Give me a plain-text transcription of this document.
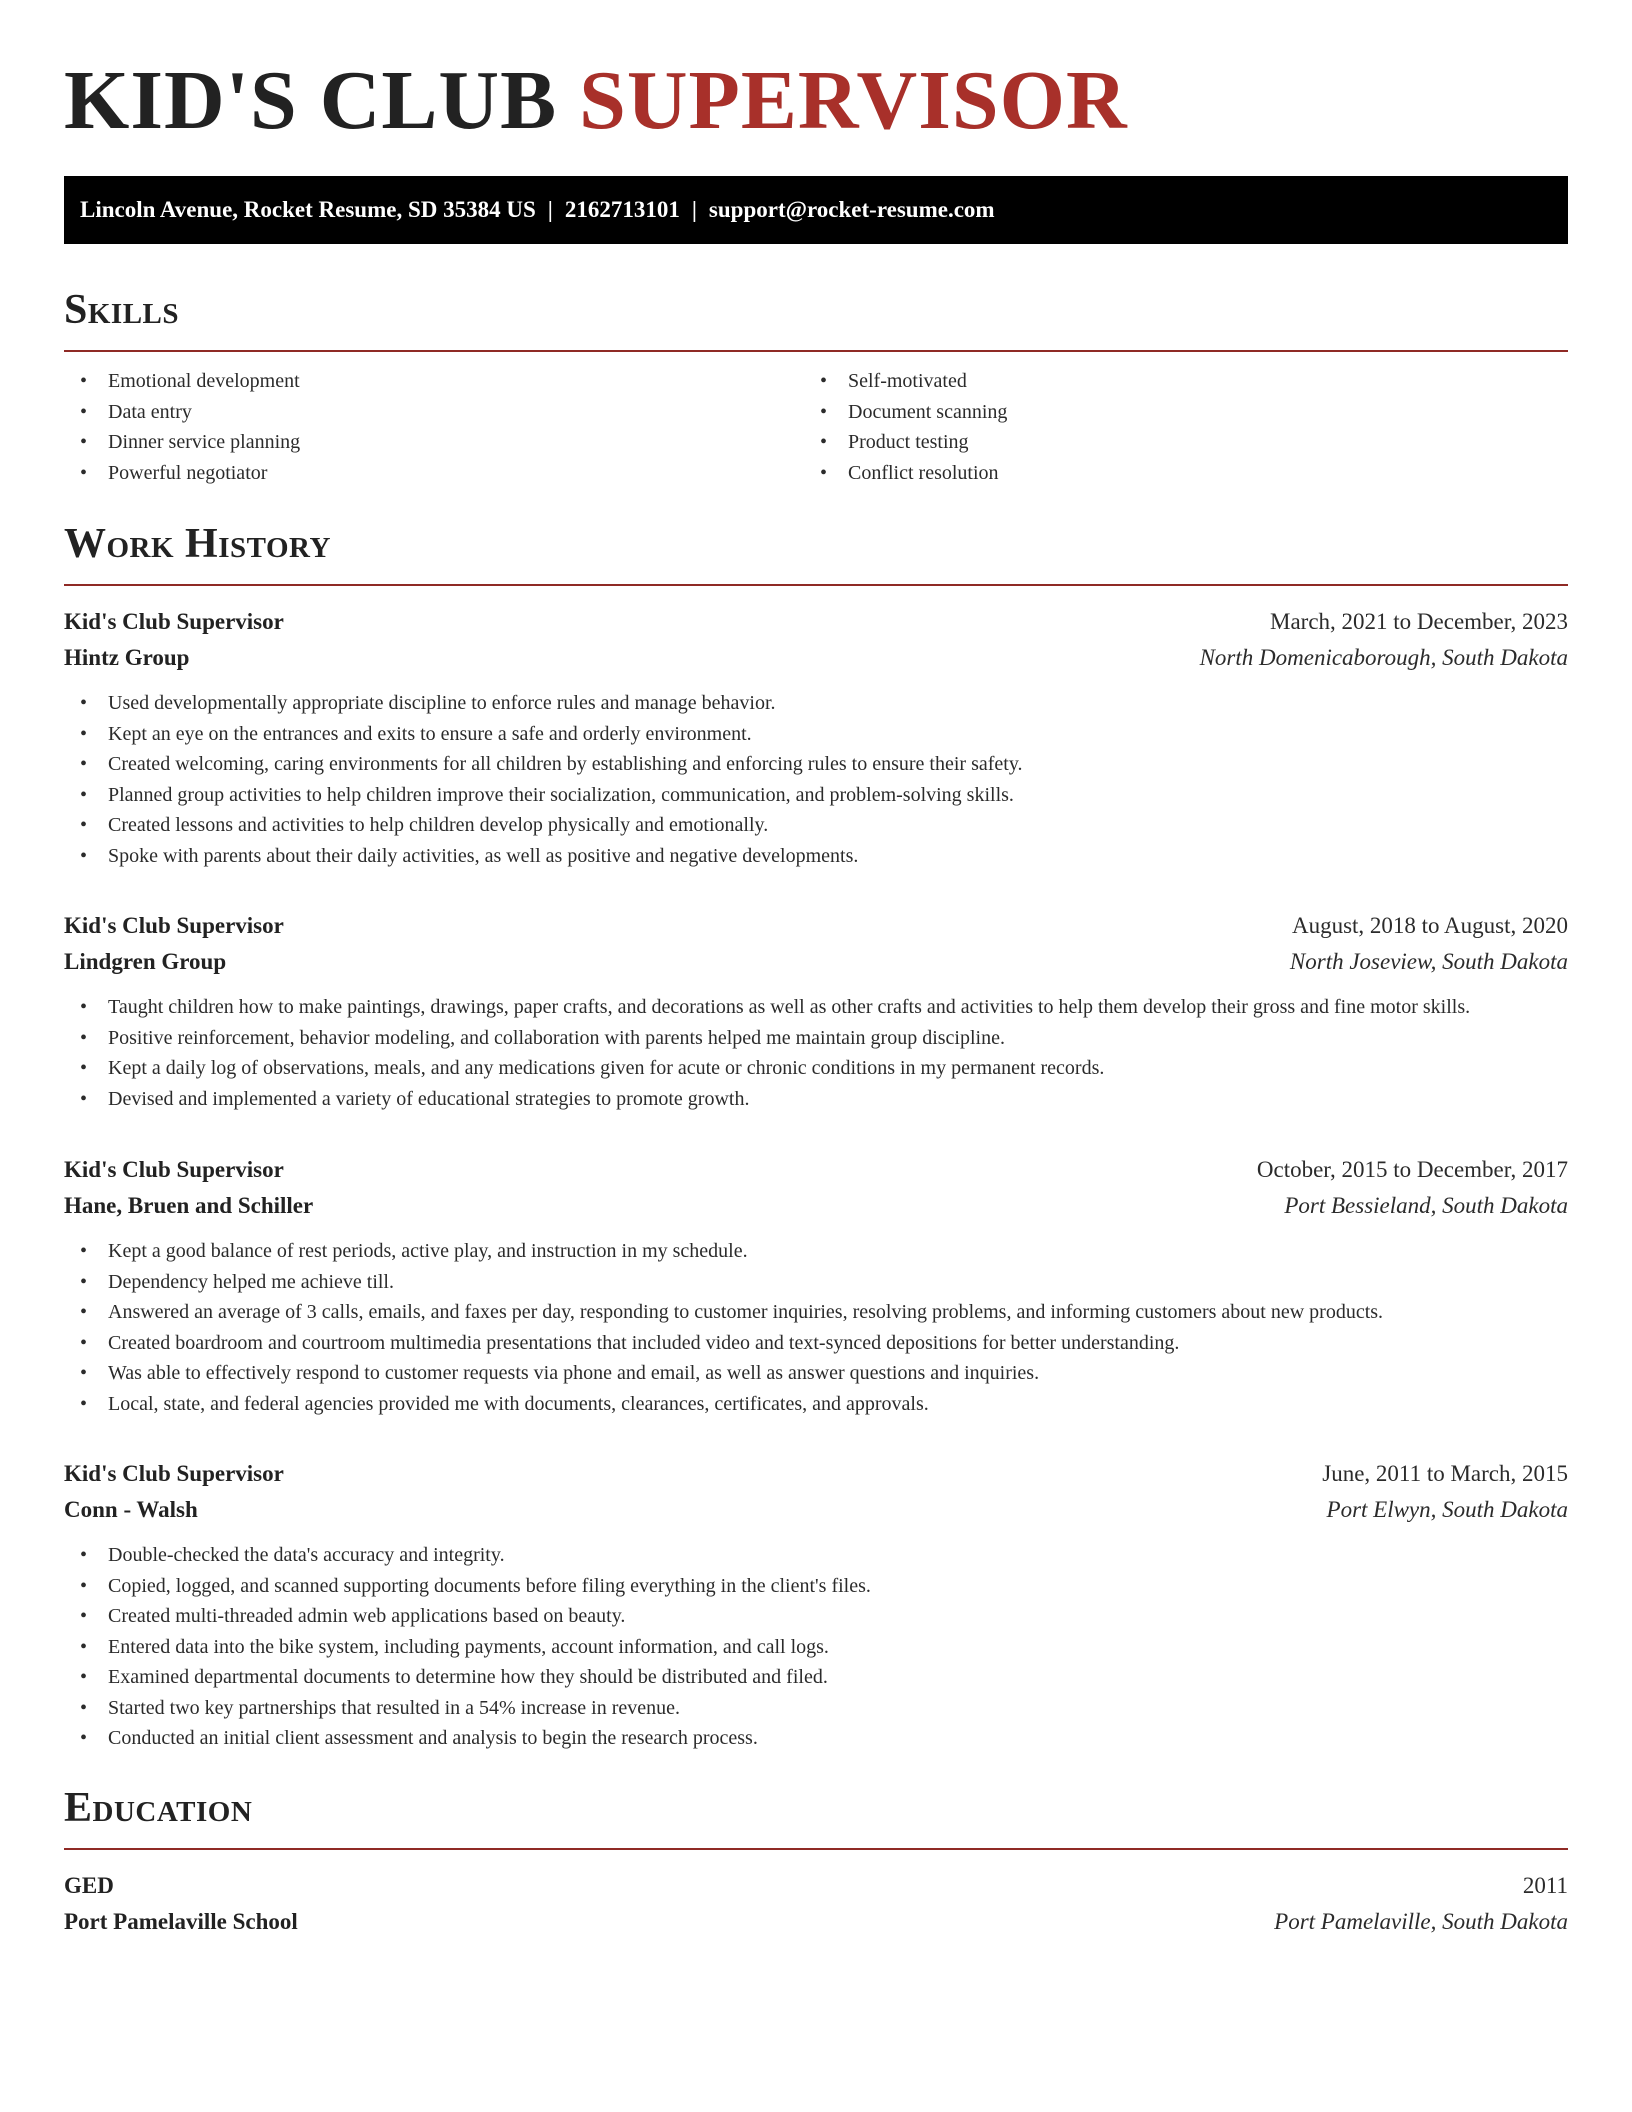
KID'S CLUB SUPERVISOR
Lincoln Avenue, Rocket Resume, SD 35384 US | 2162713101 | support@rocket-resume.com
Skills
• Emotional development
• Data entry
• Dinner service planning
• Powerful negotiator
• Self-motivated
• Document scanning
• Product testing
• Conflict resolution
Work History
Kid's Club Supervisor	March, 2021 to December, 2023
Hintz Group	North Domenicaborough, South Dakota
• Used developmentally appropriate discipline to enforce rules and manage behavior.
• Kept an eye on the entrances and exits to ensure a safe and orderly environment.
• Created welcoming, caring environments for all children by establishing and enforcing rules to ensure their safety.
• Planned group activities to help children improve their socialization, communication, and problem-solving skills.
• Created lessons and activities to help children develop physically and emotionally.
• Spoke with parents about their daily activities, as well as positive and negative developments.
Kid's Club Supervisor	August, 2018 to August, 2020
Lindgren Group	North Joseview, South Dakota
• Taught children how to make paintings, drawings, paper crafts, and decorations as well as other crafts and activities to help them develop their gross and fine motor skills.
• Positive reinforcement, behavior modeling, and collaboration with parents helped me maintain group discipline.
• Kept a daily log of observations, meals, and any medications given for acute or chronic conditions in my permanent records.
• Devised and implemented a variety of educational strategies to promote growth.
Kid's Club Supervisor	October, 2015 to December, 2017
Hane, Bruen and Schiller	Port Bessieland, South Dakota
• Kept a good balance of rest periods, active play, and instruction in my schedule.
• Dependency helped me achieve till.
• Answered an average of 3 calls, emails, and faxes per day, responding to customer inquiries, resolving problems, and informing customers about new products.
• Created boardroom and courtroom multimedia presentations that included video and text-synced depositions for better understanding.
• Was able to effectively respond to customer requests via phone and email, as well as answer questions and inquiries.
• Local, state, and federal agencies provided me with documents, clearances, certificates, and approvals.
Kid's Club Supervisor	June, 2011 to March, 2015
Conn - Walsh	Port Elwyn, South Dakota
• Double-checked the data's accuracy and integrity.
• Copied, logged, and scanned supporting documents before filing everything in the client's files.
• Created multi-threaded admin web applications based on beauty.
• Entered data into the bike system, including payments, account information, and call logs.
• Examined departmental documents to determine how they should be distributed and filed.
• Started two key partnerships that resulted in a 54% increase in revenue.
• Conducted an initial client assessment and analysis to begin the research process.
Education
GED	2011
Port Pamelaville School	Port Pamelaville, South Dakota
